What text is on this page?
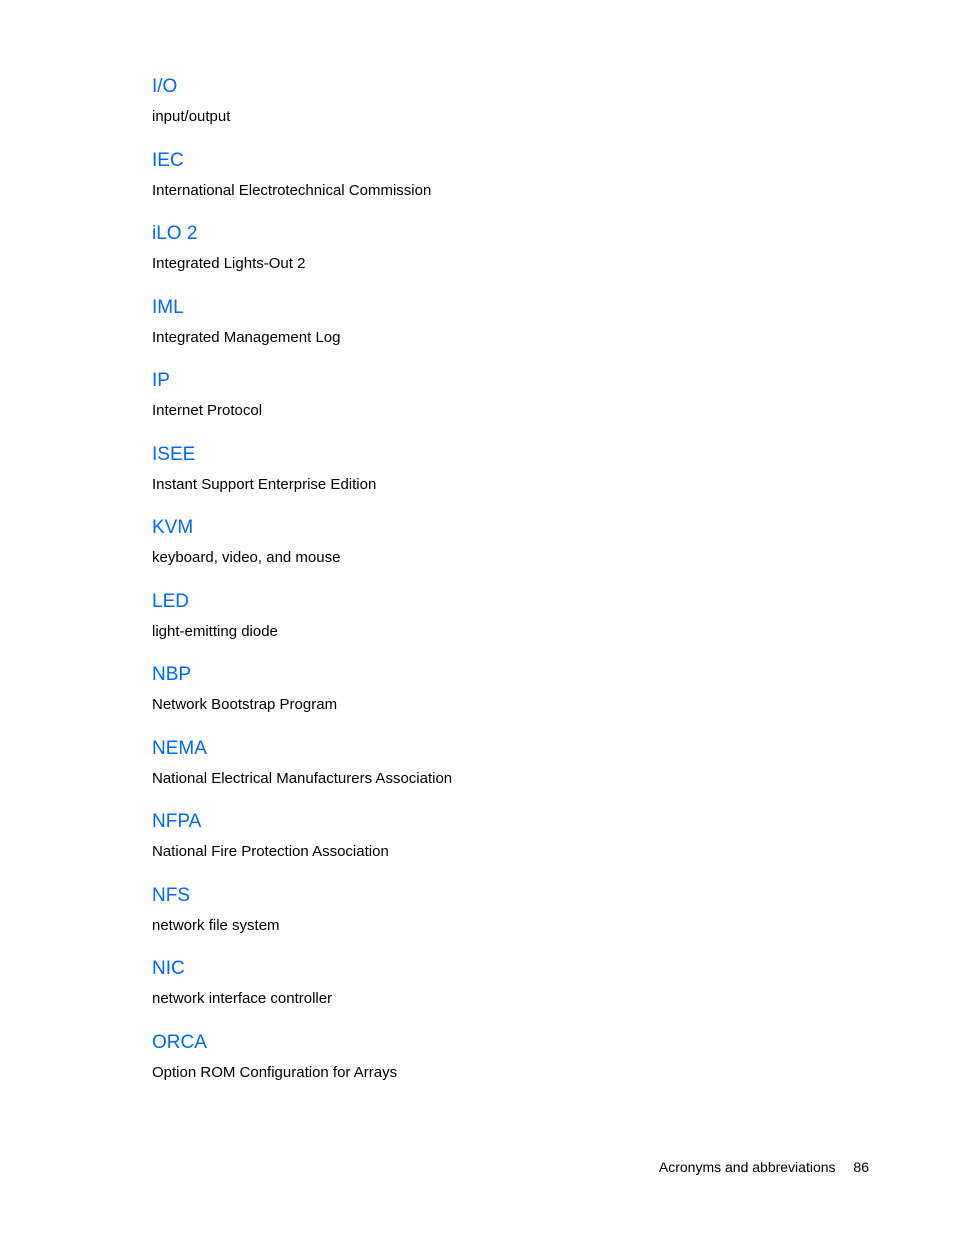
I/O
input/output
IEC
International Electrotechnical Commission
iLO 2
Integrated Lights-Out 2
IML
Integrated Management Log
IP
Internet Protocol
ISEE
Instant Support Enterprise Edition
KVM
keyboard, video, and mouse
LED
light-emitting diode
NBP
Network Bootstrap Program
NEMA
National Electrical Manufacturers Association
NFPA
National Fire Protection Association
NFS
network file system
NIC
network interface controller
ORCA
Option ROM Configuration for Arrays
Acronyms and abbreviations 86
